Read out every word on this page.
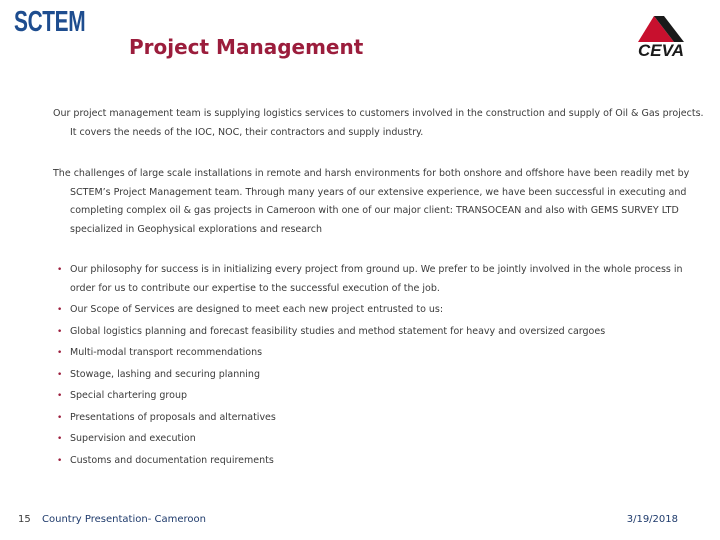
SCTEM
Project Management	CEVA

Our project management team is supplying logistics services to customers involved in the construction and supply of Oil & Gas projects. It covers the needs of the IOC, NOC, their contractors and supply industry.

The challenges of large scale installations in remote and harsh environments for both onshore and offshore have been readily met by SCTEM’s Project Management team. Through many years of our extensive experience, we have been successful in executing and completing complex oil & gas projects in Cameroon with one of our major client: TRANSOCEAN and also with GEMS SURVEY LTD specialized in Geophysical explorations and research

• Our philosophy for success is in initializing every project from ground up. We prefer to be jointly involved in the whole process in order for us to contribute our expertise to the successful execution of the job.
• Our Scope of Services are designed to meet each new project entrusted to us:
• Global logistics planning and forecast feasibility studies and method statement for heavy and oversized cargoes
• Multi-modal transport recommendations
• Stowage, lashing and securing planning
• Special chartering group
• Presentations of proposals and alternatives
• Supervision and execution
• Customs and documentation requirements
15 Country Presentation- Cameroon	3/19/2018
